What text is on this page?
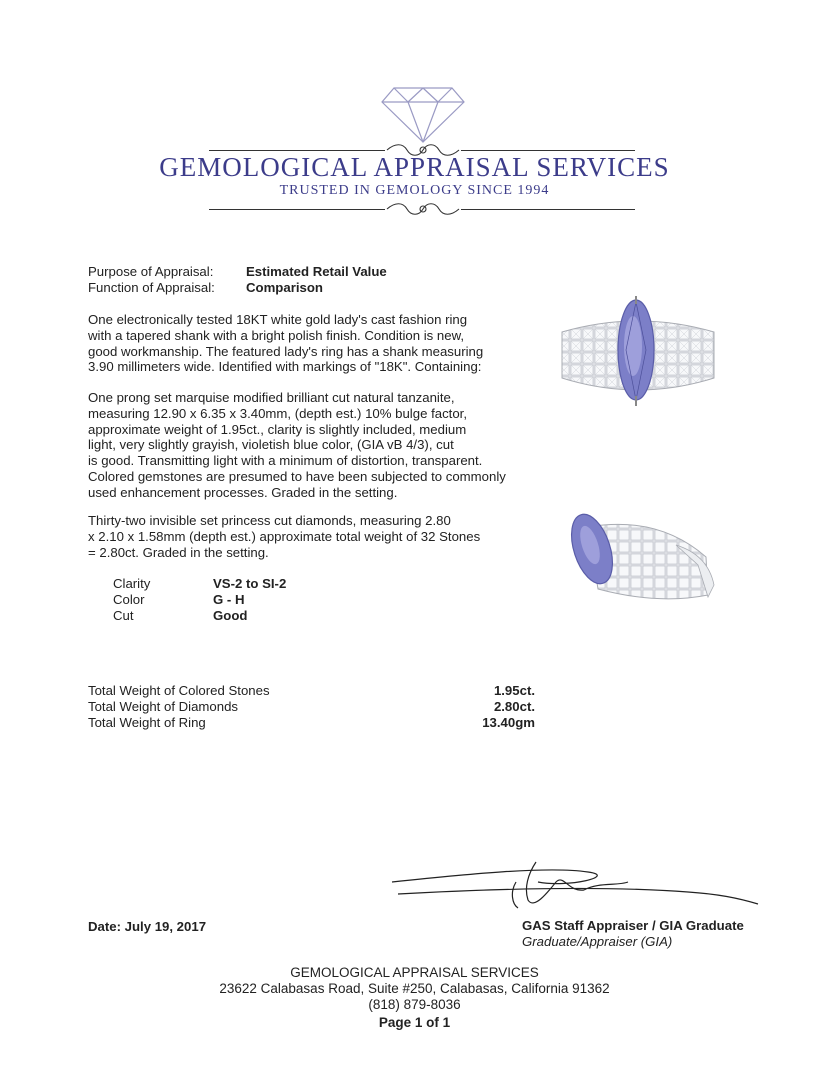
GEMOLOGICAL APPRAISAL SERVICES
TRUSTED IN GEMOLOGY SINCE 1994
Purpose of Appraisal: Estimated Retail Value
Function of Appraisal: Comparison

One electronically tested 18KT white gold lady's cast fashion ring

with a tapered shank with a bright polish finish. Condition is new,

good workmanship. The featured lady's ring has a shank measuring

3.90 millimeters wide. Identified with markings of "18K". Containing:

One prong set marquise modified brilliant cut natural tanzanite,

measuring 12.90 x 6.35 x 3.40mm, (depth est.) 10% bulge factor,

approximate weight of 1.95ct., clarity is slightly included, medium

light, very slightly grayish, violetish blue color, (GIA vB 4/3), cut

is good. Transmitting light with a minimum of distortion, transparent.

Colored gemstones are presumed to have been subjected to commonly

used enhancement processes. Graded in the setting.

Thirty-two invisible set princess cut diamonds, measuring 2.80

x 2.10 x 1.58mm (depth est.) approximate total weight of 32 Stones

= 2.80ct. Graded in the setting.

Clarity	VS-2 to SI-2
Color	G - H
Cut	Good
Total Weight of Colored Stones	1.95ct.
Total Weight of Diamonds	2.80ct.
Total Weight of Ring	13.40gm
Date: July 19, 2017	GAS Staff Appraiser / GIA Graduate
Graduate/Appraiser (GIA)
GEMOLOGICAL APPRAISAL SERVICES
23622 Calabasas Road, Suite #250, Calabasas, California 91362
(818) 879-8036
Page 1 of 1
